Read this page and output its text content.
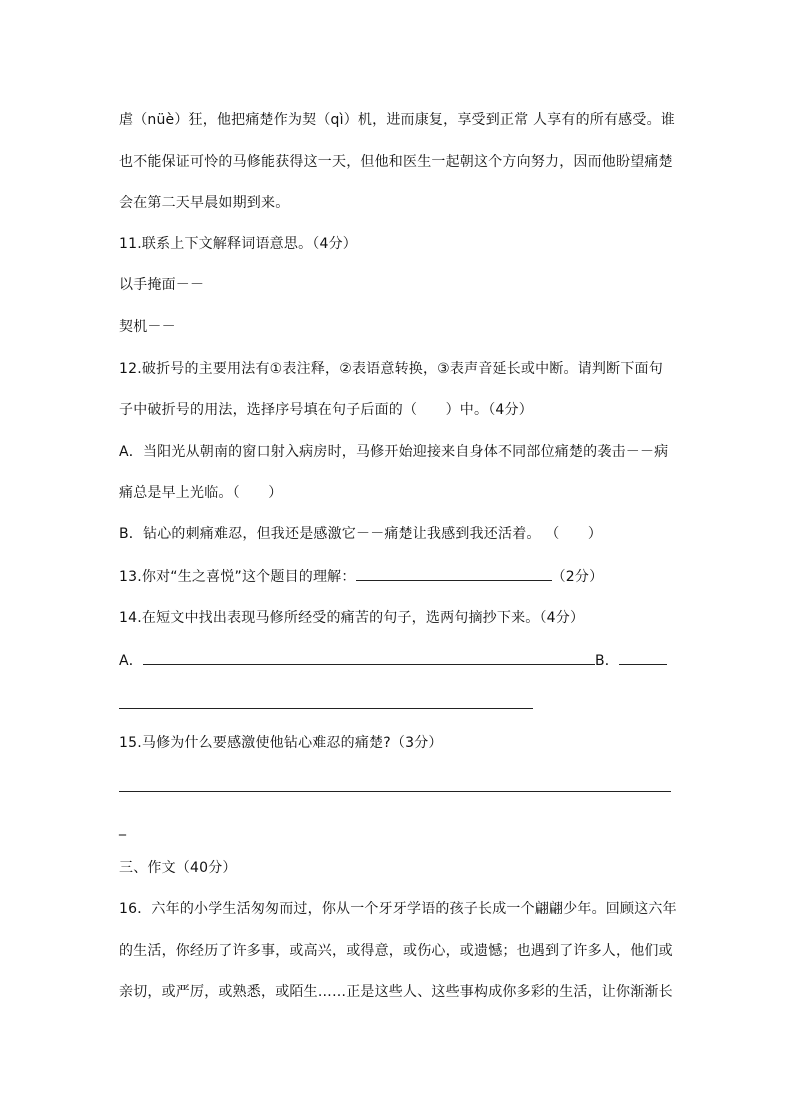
虐（nüè）狂，他把痛楚作为契（qì）机，进而康复，享受到正常 人享有的所有感受。谁
也不能保证可怜的马修能获得这一天，但他和医生一起朝这个方向努力，因而他盼望痛楚
会在第二天早晨如期到来。
11.联系上下文解释词语意思。（4分）
以手掩面－－
契机－－
12.破折号的主要用法有①表注释，②表语意转换，③表声音延长或中断。请判断下面句
子中破折号的用法，选择序号填在句子后面的（　　）中。（4分）
A．当阳光从朝南的窗口射入病房时，马修开始迎接来自身体不同部位痛楚的袭击－－病
痛总是早上光临。（　　）
B．钻心的刺痛难忍，但我还是感激它－－痛楚让我感到我还活着。 （　　）
13.你对“生之喜悦”这个题目的理解：	（2分）
14.在短文中找出表现马修所经受的痛苦的句子，选两句摘抄下来。（4分）
A．	B．
15.马修为什么要感激使他钻心难忍的痛楚?（3分）
_
三、作文（40分）
16．六年的小学生活匆匆而过，你从一个牙牙学语的孩子长成一个翩翩少年。回顾这六年
的生活，你经历了许多事，或高兴，或得意，或伤心，或遗憾；也遇到了许多人，他们或
亲切，或严厉，或熟悉，或陌生……正是这些人、这些事构成你多彩的生活，让你渐渐长
